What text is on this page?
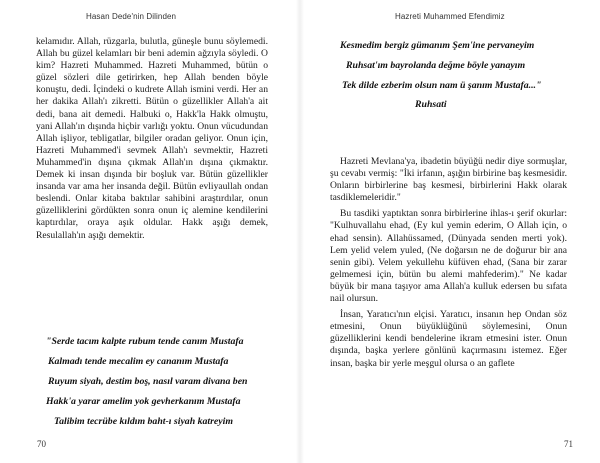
Hasan Dede'nin Dilinden

kelamıdır. Allah, rüzgarla, bulutla, güneşle bunu söylemedi. Allah bu güzel kelamları bir beni ademin ağzıyla söyledi. O kim? Hazreti Muhammed. Hazreti Muhammed, bütün o güzel sözleri dile getirirken, hep Allah benden böyle konuştu, dedi. İçindeki o kudrete Allah ismini verdi. Her an her dakika Allah'ı zikretti. Bütün o güzellikler Allah'a ait dedi, bana ait demedi. Halbuki o, Hakk'la Hakk olmuştu, yani Allah'ın dışında hiçbir varlığı yoktu. Onun vücudundan Allah işliyor, tebligatlar, bilgiler oradan geliyor. Onun için, Hazreti Muhammed'i sevmek Allah'ı sevmektir, Hazreti Muhammed'in dışına çıkmak Allah'ın dışına çıkmaktır. Demek ki insan dışında bir boşluk var. Bütün güzellikler insanda var ama her insanda değil. Bütün evliyaullah ondan beslendi. Onlar kitaba baktılar sahibini araştırdılar, onun güzelliklerini gördükten sonra onun iç alemine kendilerini kaptırdılar, oraya aşık oldular. Hakk aşığı demek, Resulallah'ın aşığı demektir.

"Serde tacım kalpte rubum tende canım Mustafa
Kalmadı tende mecalim ey cananım Mustafa
Ruyum siyah, destim boş, nasıl varam divana ben
Hakk'a yarar amelim yok gevherkanım Mustafa
Talibim tecrübe kıldım baht-ı siyah katreyim
70
Hazreti Muhammed Efendimiz
Kesmedim bergiz gümanım Şem'ine pervaneyim
Ruhsat'ım bayrolanda değme böyle yanayım
Tek dilde ezberim olsun nam ü şanım Mustafa..."
Ruhsati

Hazreti Mevlana'ya, ibadetin büyüğü nedir diye sormuşlar, şu cevabı vermiş: "İki irfanın, aşığın birbirine baş kesmesidir. Onların birbirlerine baş kesmesi, birbirlerini Hakk olarak tasdiklemeleridir."

Bu tasdiki yaptıktan sonra birbirlerine ihlas-ı şerif okurlar: "Kulhuvallahu ehad, (Ey kul yemin ederim, O Allah için, o ehad sensin). Allahüssamed, (Dünyada senden merti yok). Lem yelid velem yuled, (Ne doğarsın ne de doğurur bir ana senin gibi). Velem yekullehu küfüven ehad, (Sana bir zarar gelmemesi için, bütün bu alemi mahfederim)." Ne kadar büyük bir mana taşıyor ama Allah'a kulluk edersen bu sıfata nail olursun.

İnsan, Yaratıcı'nın elçisi. Yaratıcı, insanın hep Ondan söz etmesini, Onun büyüklüğünü söylemesini, Onun güzelliklerini kendi bendelerine ikram etmesini ister. Onun dışında, başka yerlere gönlünü kaçırmasını istemez. Eğer insan, başka bir yerle meşgul olursa o an gaflete

71
